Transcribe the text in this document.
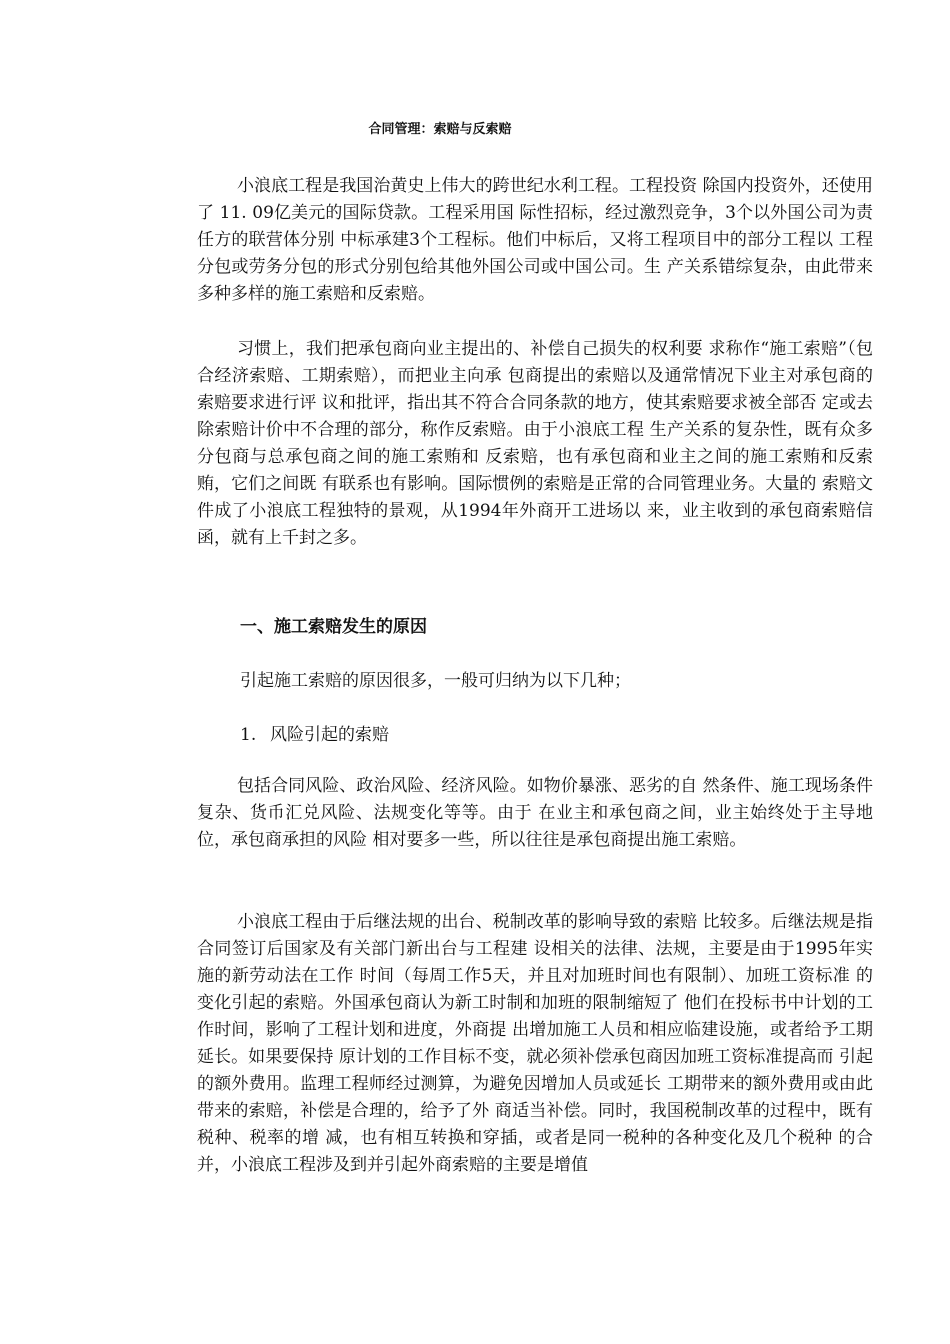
合同管理：索赔与反索赔

小浪底工程是我国治黄史上伟大的跨世纪水利工程。工程投资 除国内投资外，还使用了 11. 09亿美元的国际贷款。工程采用国 际性招标，经过激烈竞争，3个以外国公司为责任方的联营体分别 中标承建3个工程标。他们中标后，又将工程项目中的部分工程以 工程分包或劳务分包的形式分别包给其他外国公司或中国公司。生 产关系错综复杂，由此带来多种多样的施工索赔和反索赔。

习惯上，我们把承包商向业主提出的、补偿自己损失的权利要 求称作“施工索赔”（包合经济索赔、工期索赔），而把业主向承 包商提出的索赔以及通常情况下业主对承包商的索赔要求进行评 议和批评，指出其不符合合同条款的地方，使其索赔要求被全部否 定或去除索赔计价中不合理的部分，称作反索赔。由于小浪底工程 生产关系的复杂性，既有众多分包商与总承包商之间的施工索贿和 反索赔，也有承包商和业主之间的施工索贿和反索贿，它们之间既 有联系也有影响。国际惯例的索赔是正常的合同管理业务。大量的 索赔文件成了小浪底工程独特的景观，从1994年外商开工进场以 来，业主收到的承包商索赔信函，就有上千封之多。

一、施工索赔发生的原因

引起施工索赔的原因很多，一般可归纳为以下几种；

1. 风险引起的索赔

包括合同风险、政治风险、经济风险。如物价暴涨、恶劣的自 然条件、施工现场条件复杂、货币汇兑风险、法规变化等等。由于 在业主和承包商之间，业主始终处于主导地位，承包商承担的风险 相对要多一些，所以往往是承包商提出施工索赔。

小浪底工程由于后继法规的出台、税制改革的影响导致的索赔 比较多。后继法规是指合同签订后国家及有关部门新出台与工程建 设相关的法律、法规，主要是由于1995年实施的新劳动法在工作 时间（每周工作5天，并且对加班时间也有限制）、加班工资标准 的变化引起的索赔。外国承包商认为新工时制和加班的限制缩短了 他们在投标书中计划的工作时间，影响了工程计划和进度，外商提 出增加施工人员和相应临建设施，或者给予工期延长。如果要保持 原计划的工作目标不变，就必须补偿承包商因加班工资标准提高而 引起的额外费用。监理工程师经过测算，为避免因增加人员或延长 工期带来的额外费用或由此带来的索赔，补偿是合理的，给予了外 商适当补偿。同时，我国税制改革的过程中，既有税种、税率的增 减，也有相互转换和穿插，或者是同一税种的各种变化及几个税种 的合并，小浪底工程涉及到并引起外商索赔的主要是增值
